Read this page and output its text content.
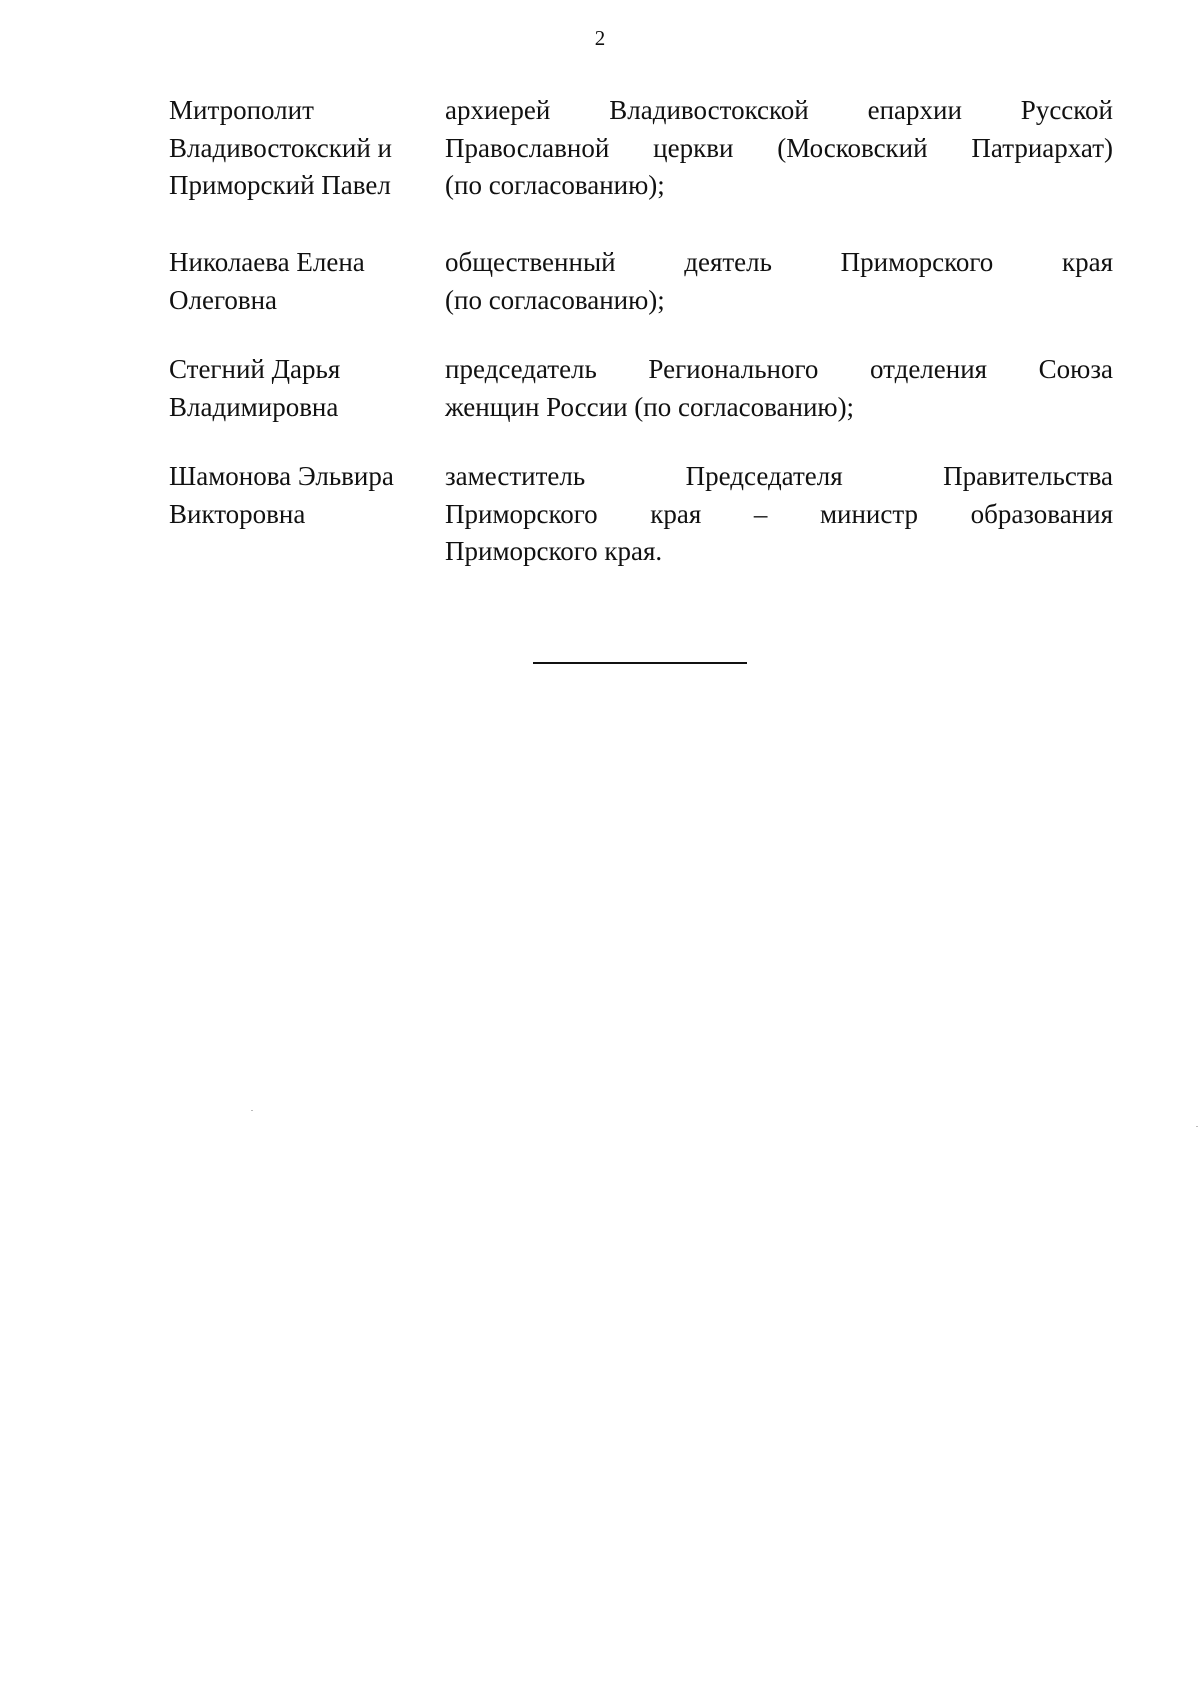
2
Митрополит
Владивостокский и
Приморский Павел
архиерей Владивостокской епархии Русской
Православной церкви (Московский Патриархат)
(по согласованию);
Николаева Елена
Олеговна
общественный деятель Приморского края
(по согласованию);
Стегний Дарья
Владимировна
председатель Регионального отделения Союза
женщин России (по согласованию);
Шамонова Эльвира
Викторовна
заместитель Председателя Правительства
Приморского края – министр образования
Приморского края.
